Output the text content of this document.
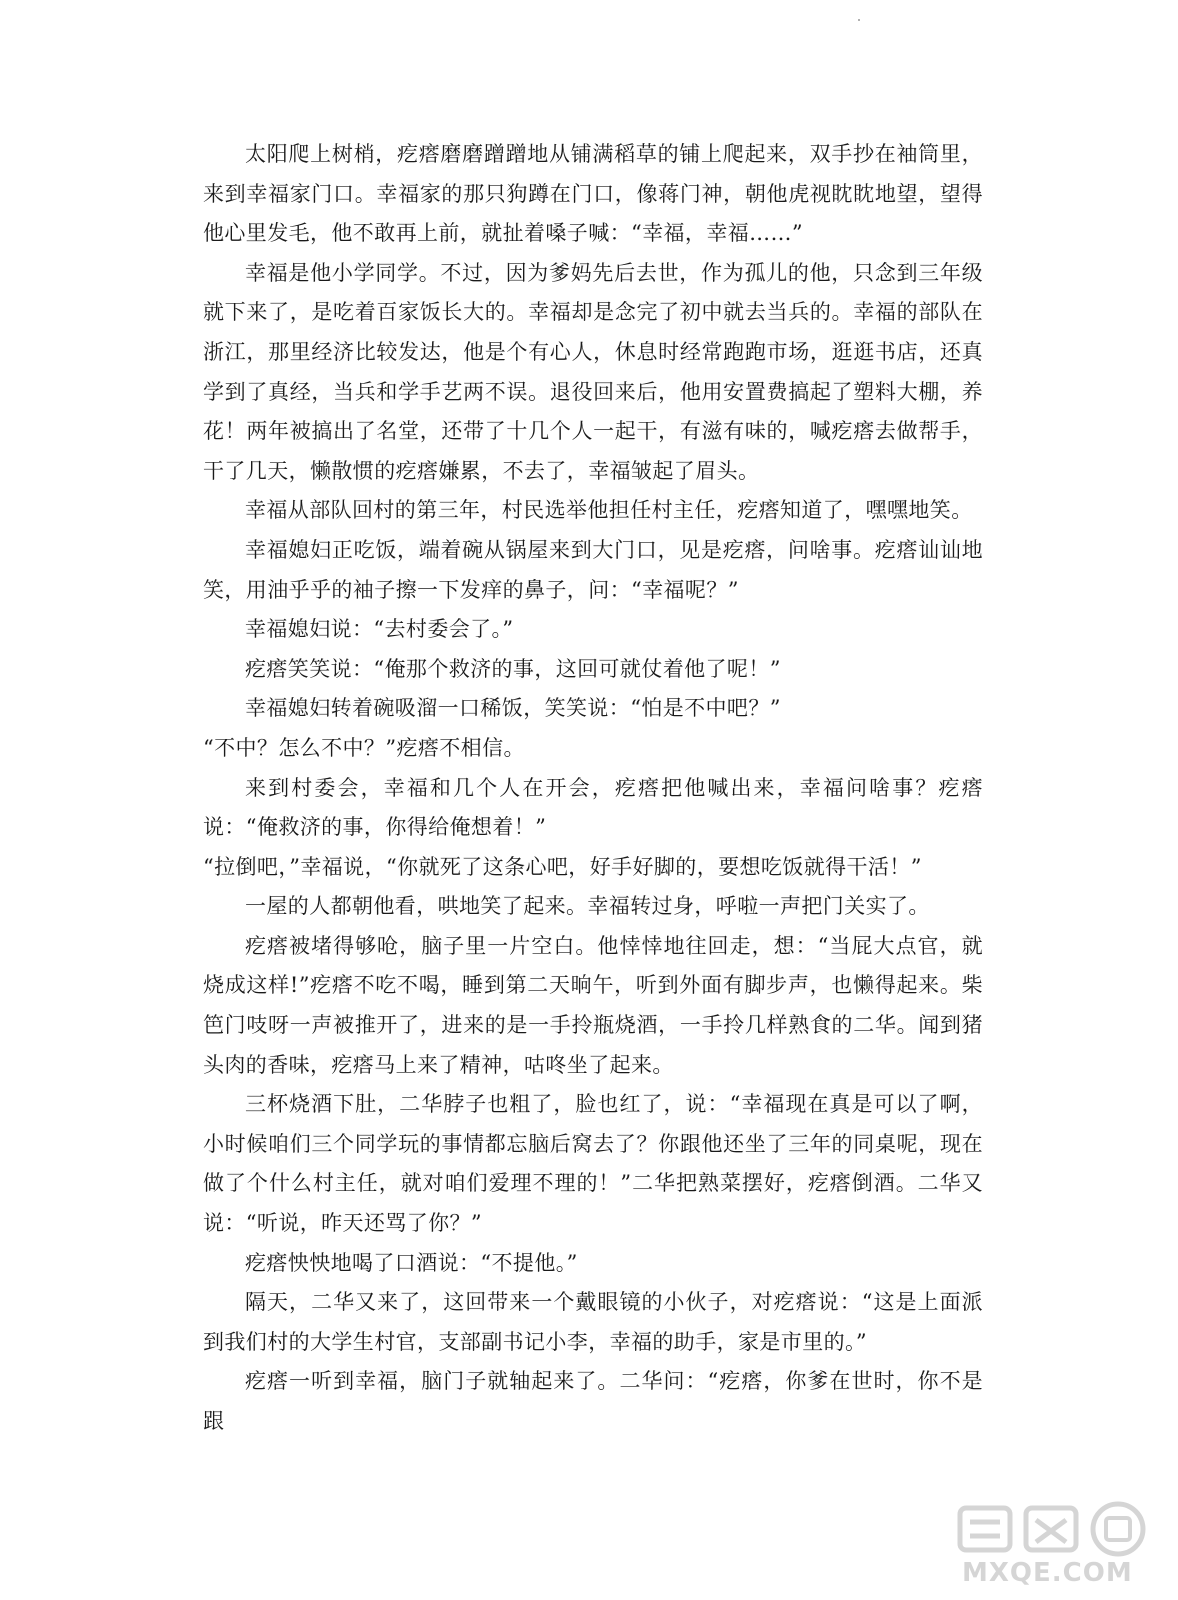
太阳爬上树梢，疙瘩磨磨蹭蹭地从铺满稻草的铺上爬起来，双手抄在袖筒里，来到幸福家门口。幸福家的那只狗蹲在门口，像蒋门神，朝他虎视眈眈地望，望得他心里发毛，他不敢再上前，就扯着嗓子喊：“幸福，幸福……”

幸福是他小学同学。不过，因为爹妈先后去世，作为孤儿的他，只念到三年级就下来了，是吃着百家饭长大的。幸福却是念完了初中就去当兵的。幸福的部队在浙江，那里经济比较发达，他是个有心人，休息时经常跑跑市场，逛逛书店，还真学到了真经，当兵和学手艺两不误。退役回来后，他用安置费搞起了塑料大棚，养花！两年被搞出了名堂，还带了十几个人一起干，有滋有味的，喊疙瘩去做帮手，干了几天，懒散惯的疙瘩嫌累，不去了，幸福皱起了眉头。

幸福从部队回村的第三年，村民选举他担任村主任，疙瘩知道了，嘿嘿地笑。

幸福媳妇正吃饭，端着碗从锅屋来到大门口，见是疙瘩，问啥事。疙瘩讪讪地笑，用油乎乎的袖子擦一下发痒的鼻子，问：“幸福呢？”

幸福媳妇说：“去村委会了。”

疙瘩笑笑说：“俺那个救济的事，这回可就仗着他了呢！”

幸福媳妇转着碗吸溜一口稀饭，笑笑说：“怕是不中吧？”

“不中？怎么不中？”疙瘩不相信。

来到村委会，幸福和几个人在开会，疙瘩把他喊出来，幸福问啥事？疙瘩说：“俺救济的事，你得给俺想着！”

“拉倒吧，”幸福说，“你就死了这条心吧，好手好脚的，要想吃饭就得干活！”

一屋的人都朝他看，哄地笑了起来。幸福转过身，呼啦一声把门关实了。

疙瘩被堵得够呛，脑子里一片空白。他悻悻地往回走，想：“当屁大点官，就烧成这样!”疙瘩不吃不喝，睡到第二天晌午，听到外面有脚步声，也懒得起来。柴笆门吱呀一声被推开了，进来的是一手拎瓶烧酒，一手拎几样熟食的二华。闻到猪头肉的香味，疙瘩马上来了精神，咕咚坐了起来。

三杯烧酒下肚，二华脖子也粗了，脸也红了，说：“幸福现在真是可以了啊，小时候咱们三个同学玩的事情都忘脑后窝去了？你跟他还坐了三年的同桌呢，现在做了个什么村主任，就对咱们爱理不理的！”二华把熟菜摆好，疙瘩倒酒。二华又说：“听说，昨天还骂了你？”

疙瘩怏怏地喝了口酒说：“不提他。”

隔天，二华又来了，这回带来一个戴眼镜的小伙子，对疙瘩说：“这是上面派到我们村的大学生村官，支部副书记小李，幸福的助手，家是市里的。”

疙瘩一听到幸福，脑门子就轴起来了。二华问：“疙瘩，你爹在世时，你不是跟

MXQE.COM
